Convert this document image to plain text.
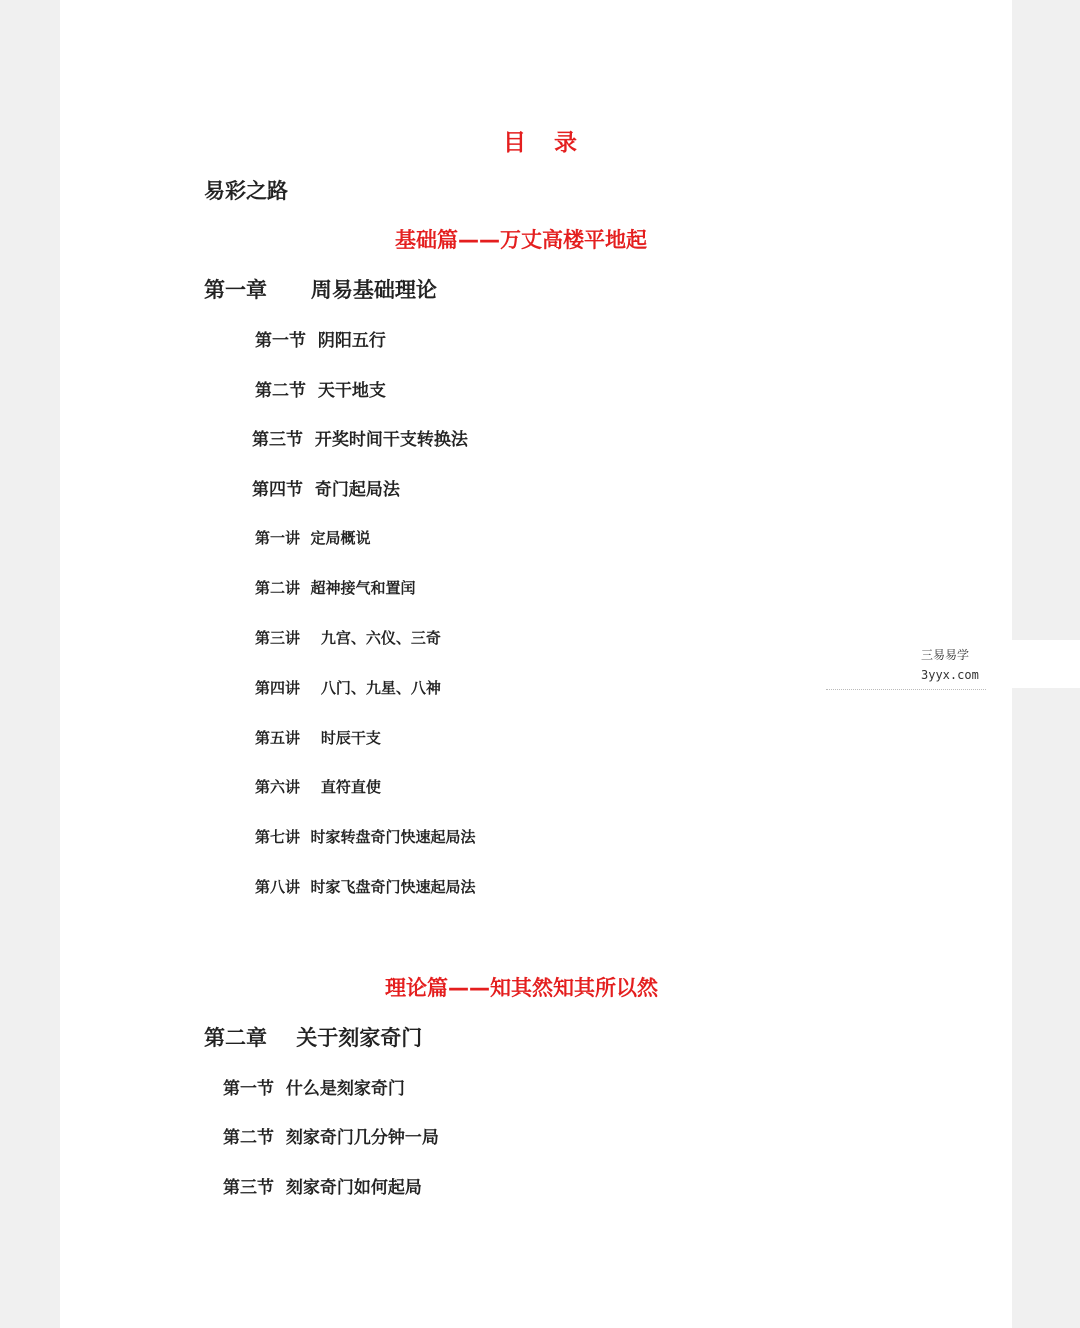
目 录
易彩之路
基础篇——万丈高楼平地起
第一章      周易基础理论
第一节  阴阳五行
第二节  天干地支
第三节  开奖时间干支转换法
第四节  奇门起局法
第一讲  定局概说
第二讲  超神接气和置闰
第三讲    九宫、六仪、三奇
第四讲    八门、九星、八神
第五讲    时辰干支
第六讲    直符直使
第七讲  时家转盘奇门快速起局法
第八讲  时家飞盘奇门快速起局法
理论篇——知其然知其所以然
第二章    关于刻家奇门
第一节  什么是刻家奇门
第二节  刻家奇门几分钟一局
第三节  刻家奇门如何起局
三易易学
3yyx.com
